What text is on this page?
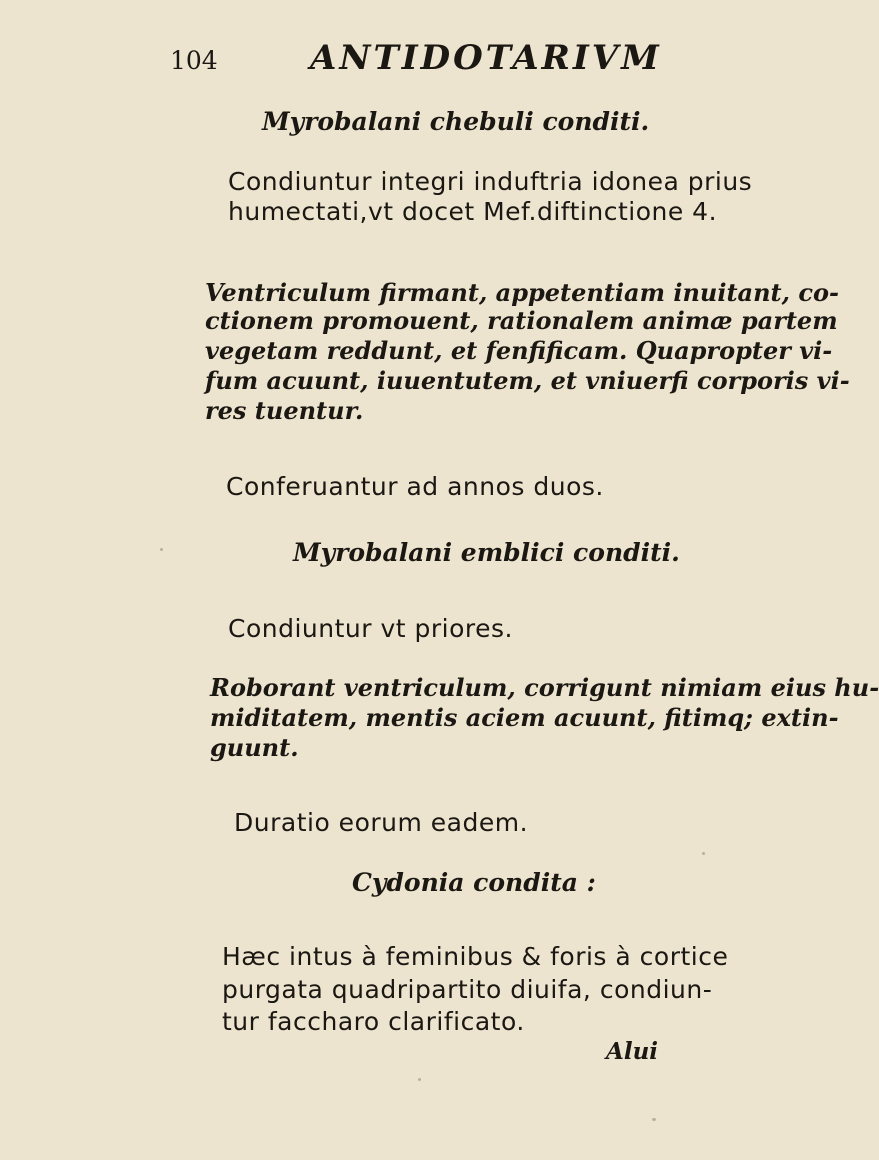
104	ANTIDOTARIVM
Myrobalani chebuli conditi.
Condiuntur integri induftria idonea prius
humectati,vt docet Mef.diftinctione 4.
Ventriculum firmant, appetentiam inuitant, co-
ctionem promouent, rationalem animæ partem
vegetam reddunt, et fenfificam. Quapropter vi-
fum acuunt, iuuentutem, et vniuerfi corporis vi-
res tuentur.
Conferuantur ad annos duos.
Myrobalani emblici conditi.
Condiuntur vt priores.
Roborant ventriculum, corrigunt nimiam eius hu-
miditatem, mentis aciem acuunt, fitimq; extin-
guunt.
Duratio eorum eadem.
Cydonia condita :
Hæc intus à feminibus & foris à cortice
purgata quadripartito diuifa, condiun-
tur faccharo clarificato.
Alui
